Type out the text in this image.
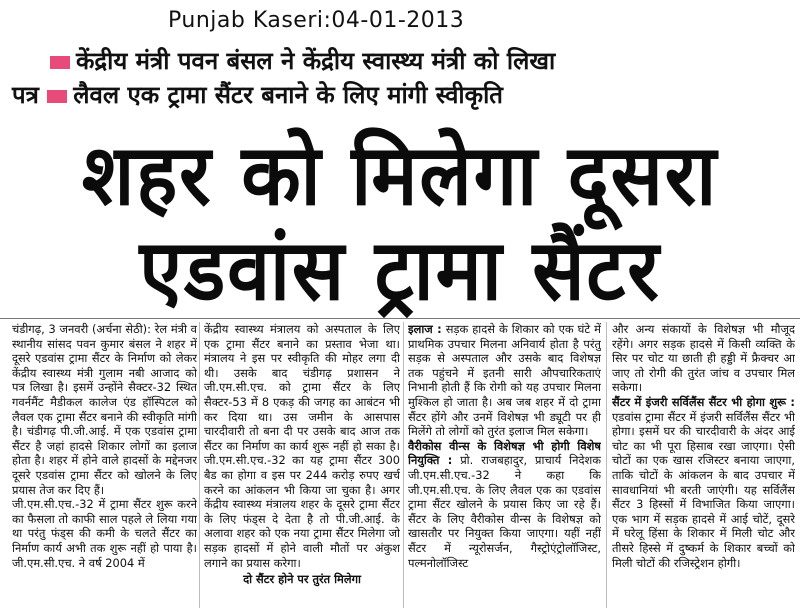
Punjab Kaseri:04-01-2013
केंद्रीय मंत्री पवन बंसल ने केंद्रीय स्वास्थ्य मंत्री को लिखा
पत्र लैवल एक ट्रामा सैंटर बनाने के लिए मांगी स्वीकृति
शहर को मिलेगा दूसरा
एडवांस ट्रामा सैंटर

चंडीगढ़, 3 जनवरी (अर्चना सेठी): रेल मंत्री व स्थानीय सांसद पवन कुमार बंसल ने शहर में दूसरे एडवांस ट्रामा सैंटर के निर्माण को लेकर केंद्रीय स्वास्थ्य मंत्री गुलाम नबी आजाद को पत्र लिखा है। इसमें उन्होंने सैक्टर-32 स्थित गवर्नमैंट मैडीकल कालेज एंड हॉस्पिटल को लैवल एक ट्रामा सैंटर बनाने की स्वीकृति मांगी है। चंडीगढ़ पी.जी.आई. में एक एडवांस ट्रामा सैंटर है जहां हादसे शिकार लोगों का इलाज होता है। शहर में होने वाले हादसों के मद्देनजर दूसरे एडवांस ट्रामा सैंटर को खोलने के लिए प्रयास तेज कर दिए हैं।

जी.एम.सी.एच.-32 में ट्रामा सैंटर शुरू करने का फैसला तो काफी साल पहले ले लिया गया था परंतु फंड्स की कमी के चलते सैंटर का निर्माण कार्य अभी तक शुरू नहीं हो पाया है। जी.एम.सी.एच. ने वर्ष 2004 में

केंद्रीय स्वास्थ्य मंत्रालय को अस्पताल के लिए एक ट्रामा सैंटर बनाने का प्रस्ताव भेजा था। मंत्रालय ने इस पर स्वीकृति की मोहर लगा दी थी। उसके बाद चंडीगढ़ प्रशासन ने जी.एम.सी.एच. को ट्रामा सैंटर के लिए सैक्टर-53 में 8 एकड़ की जगह का आबंटन भी कर दिया था। उस जमीन के आसपास चारदीवारी तो बना दी पर उसके बाद आज तक सैंटर का निर्माण का कार्य शुरू नहीं हो सका है। जी.एम.सी.एच.-32 का यह ट्रामा सैंटर 300 बैड का होगा व इस पर 244 करोड़ रुपए खर्च करने का आंकलन भी किया जा चुका है। अगर केंद्रीय स्वास्थ्य मंत्रालय शहर के दूसरे ट्रामा सैंटर के लिए फंड्स दे देता है तो पी.जी.आई. के अलावा शहर को एक नया ट्रामा सैंटर मिलेगा जो सड़क हादसों में होने वाली मौतों पर अंकुश लगाने का प्रयास करेगा।

दो सैंटर होने पर तुरंत मिलेगा

इलाज : सड़क हादसे के शिकार को एक घंटे में प्राथमिक उपचार मिलना अनिवार्य होता है परंतु सड़क से अस्पताल और उसके बाद विशेषज्ञ तक पहुंचने में इतनी सारी औपचारिकताएं निभानी होती हैं कि रोगी को यह उपचार मिलना मुश्किल हो जाता है। अब जब शहर में दो ट्रामा सैंटर होंगे और उनमें विशेषज्ञ भी ड्यूटी पर ही मिलेंगे तो लोगों को तुरंत इलाज मिल सकेगा।

वैरीकोस वीन्स के विशेषज्ञ भी होगी विशेष नियुक्ति : प्रो. राजबहादुर, प्राचार्य निदेशक जी.एम.सी.एच.-32 ने कहा कि जी.एम.सी.एच. के लिए लैवल एक का एडवांस ट्रामा सैंटर खोलने के प्रयास किए जा रहे हैं। सैंटर के लिए वैरीकोस वीन्स के विशेषज्ञ को खासतौर पर नियुक्त किया जाएगा। यहीं नहीं सैंटर में न्यूरोसर्जन, गैस्ट्रोएंट्रोलॉजिस्ट, पल्मनोलॉजिस्ट

और अन्य संकायों के विशेषज्ञ भी मौजूद रहेंगे। अगर सड़क हादसे में किसी व्यक्ति के सिर पर चोट या छाती ही हड्डी में फ्रैक्चर आ जाए तो रोगी की तुरंत जांच व उपचार मिल सकेगा।

सैंटर में इंजरी सर्विलैंस सैंटर भी होगा शुरू : एडवांस ट्रामा सैंटर में इंजरी सर्विलैंस सैंटर भी होगा। इसमें घर की चारदीवारी के अंदर आई चोट का भी पूरा हिसाब रखा जाएगा। ऐसी चोटों का एक खास रजिस्टर बनाया जाएगा, ताकि चोटों के आंकलन के बाद उपचार में सावधानियां भी बरती जाएंगी। यह सर्विलैंस सैंटर 3 हिस्सों में विभाजित किया जाएगा। एक भाग में सड़क हादसे में आई चोटें, दूसरे में घरेलू हिंसा के शिकार में मिली चोट और तीसरे हिस्से में दुष्कर्म के शिकार बच्चों को मिली चोटों की रजिस्ट्रेशन होगी।
